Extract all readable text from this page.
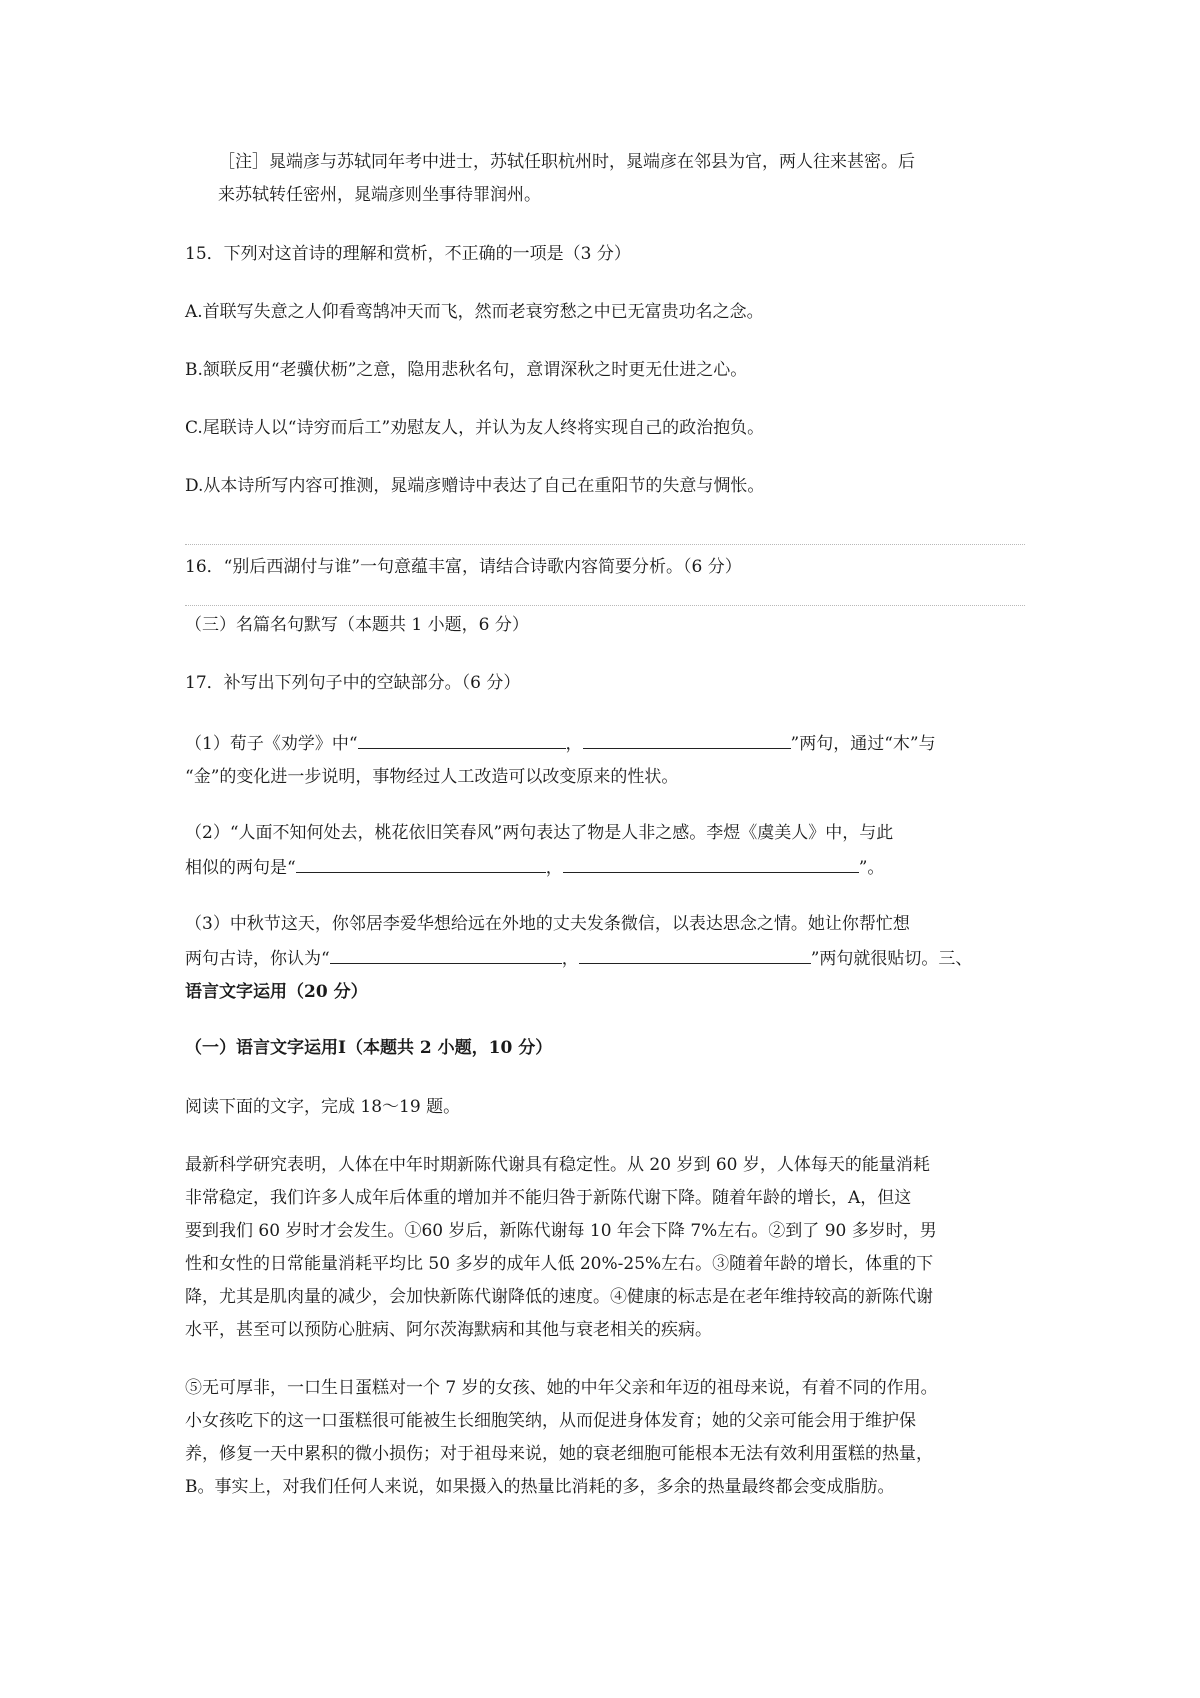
［注］晁端彦与苏轼同年考中进士，苏轼任职杭州时，晁端彦在邻县为官，两人往来甚密。后
来苏轼转任密州，晁端彦则坐事待罪润州。

15．下列对这首诗的理解和赏析，不正确的一项是（3 分）

A.首联写失意之人仰看鸾鹄冲天而飞，然而老衰穷愁之中已无富贵功名之念。

B.颔联反用“老骥伏枥”之意，隐用悲秋名句，意谓深秋之时更无仕进之心。

C.尾联诗人以“诗穷而后工”劝慰友人，并认为友人终将实现自己的政治抱负。

D.从本诗所写内容可推测，晁端彦赠诗中表达了自己在重阳节的失意与惆怅。

16．“别后西湖付与谁”一句意蕴丰富，请结合诗歌内容简要分析。（6 分）

（三）名篇名句默写（本题共 1 小题，6 分）

17．补写出下列句子中的空缺部分。（6 分）

（1）荀子《劝学》中“	，	”两句，通过“木”与
“金”的变化进一步说明，事物经过人工改造可以改变原来的性状。

（2）“人面不知何处去，桃花依旧笑春风”两句表达了物是人非之感。李煜《虞美人》中，与此
相似的两句是“	，	”。

（3）中秋节这天，你邻居李爱华想给远在外地的丈夫发条微信，以表达思念之情。她让你帮忙想
两句古诗，你认为“	，	”两句就很贴切。三、
语言文字运用（20 分）

（一）语言文字运用Ⅰ（本题共 2 小题，10 分）

阅读下面的文字，完成 18～19 题。

最新科学研究表明，人体在中年时期新陈代谢具有稳定性。从 20 岁到 60 岁，人体每天的能量消耗
非常稳定，我们许多人成年后体重的增加并不能归咎于新陈代谢下降。随着年龄的增长，A，但这
要到我们 60 岁时才会发生。①60 岁后，新陈代谢每 10 年会下降 7%左右。②到了 90 多岁时，男
性和女性的日常能量消耗平均比 50 多岁的成年人低 20%-25%左右。③随着年龄的增长，体重的下
降，尤其是肌肉量的减少，会加快新陈代谢降低的速度。④健康的标志是在老年维持较高的新陈代谢
水平，甚至可以预防心脏病、阿尔茨海默病和其他与衰老相关的疾病。

⑤无可厚非，一口生日蛋糕对一个 7 岁的女孩、她的中年父亲和年迈的祖母来说，有着不同的作用。
小女孩吃下的这一口蛋糕很可能被生长细胞笑纳，从而促进身体发育；她的父亲可能会用于维护保
养，修复一天中累积的微小损伤；对于祖母来说，她的衰老细胞可能根本无法有效利用蛋糕的热量，
B。事实上，对我们任何人来说，如果摄入的热量比消耗的多，多余的热量最终都会变成脂肪。
